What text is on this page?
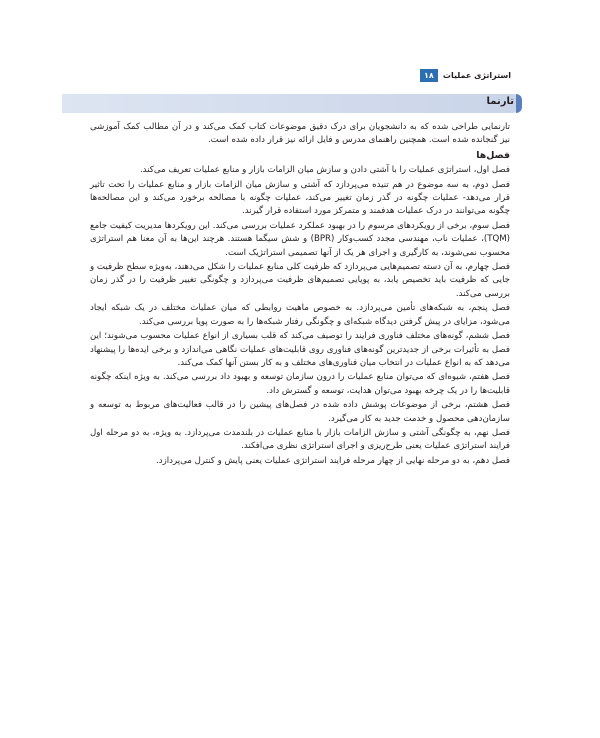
۱۸	استراتژی عملیات
تارنما

تارنمایی طراحی شده که به دانشجویان برای درک دقیق موضوعات کتاب کمک می‌کند و در آن مطالب کمک آموزشی نیز گنجانده شده است. همچنین راهنمای مدرس و فایل ارائه نیز قرار داده شده است.

فصل‌ها

فصل اول، استراتژی عملیات را با آشتی دادن و سازش میان الزامات بازار و منابع عملیات تعریف می‌کند.

فصل دوم، به سه موضوع در هم تنیده می‌پردازد که آشتی و سازش میان الزامات بازار و منابع عملیات را تحت تاثیر قرار می‌دهد- عملیات چگونه در گذر زمان تغییر می‌کند، عملیات چگونه با مصالحه برخورد می‌کند و این مصالحه‌ها چگونه می‌توانند در درک عملیات هدفمند و متمرکز مورد استفاده قرار گیرند.

فصل سوم، برخی از رویکردهای مرسوم را در بهبود عملکرد عملیات بررسی می‌کند. این رویکردها مدیریت کیفیت جامع (TQM)، عملیات ناب، مهندسی مجدد کسب‌وکار (BPR) و شش سیگما هستند. هرچند این‌ها به آن معنا هم استراتژی محسوب نمی‌شوند، به کارگیری و اجرای هر یک از آنها تصمیمی استراتژیک است.

فصل چهارم، به آن دسته تصمیم‌هایی می‌پردازد که ظرفیت کلی منابع عملیات را شکل می‌دهند، به‌ویژه سطح ظرفیت و جایی که ظرفیت باید تخصیص یابد، به پویایی تصمیم‌های ظرفیت می‌پردازد و چگونگی تغییر ظرفیت را در گذر زمان بررسی می‌کند.

فصل پنجم، به شبکه‌های تأمین می‌پردازد. به خصوص ماهیت روابطی که میان عملیات مختلف در یک شبکه ایجاد می‌شود، مزایای در پیش گرفتن دیدگاه شبکه‌ای و چگونگی رفتار شبکه‌ها را به صورت پویا بررسی می‌کند.

فصل ششم، گونه‌های مختلف فناوری فرایند را توصیف می‌کند که قلب بسیاری از انواع عملیات محسوب می‌شوند؛ این فصل به تأثیرات برخی از جدیدترین گونه‌های فناوری روی قابلیت‌های عملیات نگاهی می‌اندازد و برخی ایده‌ها را پیشنهاد می‌دهد که به انواع عملیات در انتخاب میان فناوری‌های مختلف و به کار بستن آنها کمک می‌کند.

فصل هفتم، شیوه‌ای که می‌توان منابع عملیات را درون سازمان توسعه و بهبود داد بررسی می‌کند. به ویژه اینکه چگونه قابلیت‌ها را در یک چرخه بهبود می‌توان هدایت، توسعه و گسترش داد.

فصل هشتم، برخی از موضوعات پوشش داده شده در فصل‌های پیشین را در قالب فعالیت‌های مربوط به توسعه و سازمان‌دهی محصول و خدمت جدید به کار می‌گیرد.

فصل نهم، به چگونگی آشتی و سازش الزامات بازار با منابع عملیات در بلندمدت می‌پردازد. به ویژه، به دو مرحله اول فرایند استراتژی عملیات یعنی طرح‌ریزی و اجرای استراتژی نظری می‌افکند.

فصل دهم، به دو مرحله نهایی از چهار مرحله فرایند استراتژی عملیات یعنی پایش و کنترل می‌پردازد.
